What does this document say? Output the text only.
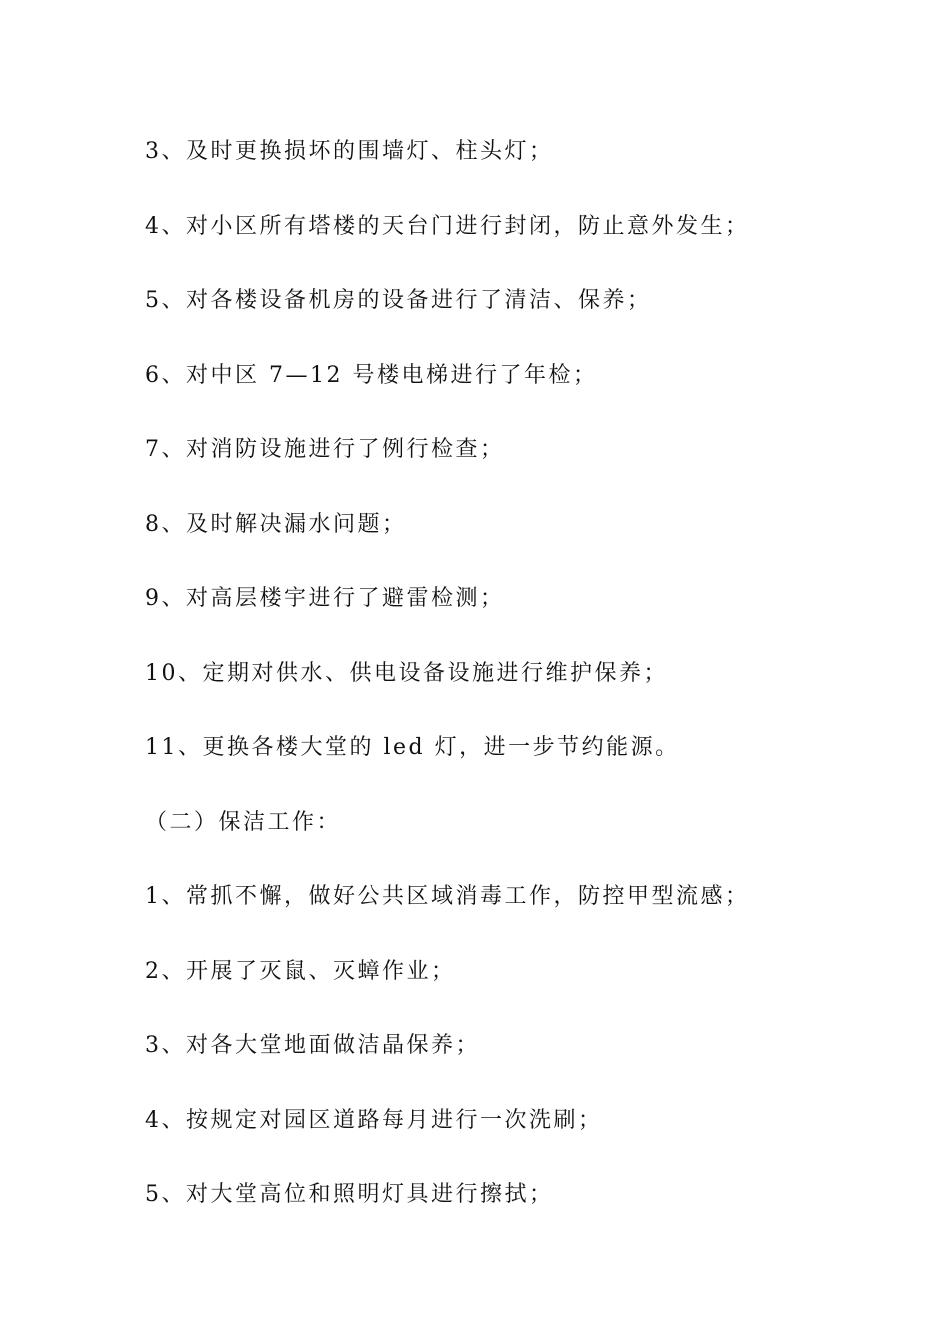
3、及时更换损坏的围墙灯、柱头灯；

4、对小区所有塔楼的天台门进行封闭，防止意外发生；

5、对各楼设备机房的设备进行了清洁、保养；

6、对中区 7—12 号楼电梯进行了年检；

7、对消防设施进行了例行检查；

8、及时解决漏水问题；

9、对高层楼宇进行了避雷检测；

10、定期对供水、供电设备设施进行维护保养；

11、更换各楼大堂的 led 灯，进一步节约能源。

（二）保洁工作：

1、常抓不懈，做好公共区域消毒工作，防控甲型流感；

2、开展了灭鼠、灭蟑作业；

3、对各大堂地面做洁晶保养；

4、按规定对园区道路每月进行一次洗刷；

5、对大堂高位和照明灯具进行擦拭；
